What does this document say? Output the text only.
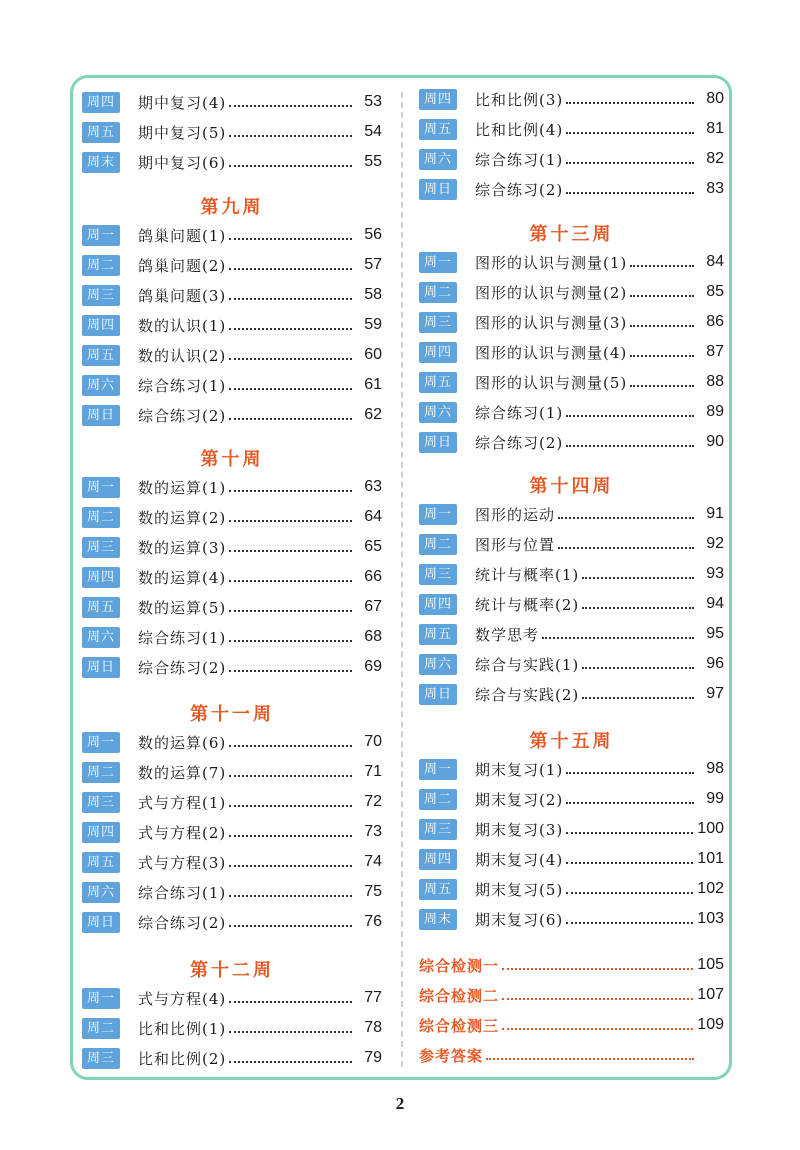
周四	期中复习(4)	53
周五	期中复习(5)	54
周末	期中复习(6)	55
第九周
周一	鸽巢问题(1)	56
周二	鸽巢问题(2)	57
周三	鸽巢问题(3)	58
周四	数的认识(1)	59
周五	数的认识(2)	60
周六	综合练习(1)	61
周日	综合练习(2)	62
第十周
周一	数的运算(1)	63
周二	数的运算(2)	64
周三	数的运算(3)	65
周四	数的运算(4)	66
周五	数的运算(5)	67
周六	综合练习(1)	68
周日	综合练习(2)	69
第十一周
周一	数的运算(6)	70
周二	数的运算(7)	71
周三	式与方程(1)	72
周四	式与方程(2)	73
周五	式与方程(3)	74
周六	综合练习(1)	75
周日	综合练习(2)	76
第十二周
周一	式与方程(4)	77
周二	比和比例(1)	78
周三	比和比例(2)	79
周四	比和比例(3)	80
周五	比和比例(4)	81
周六	综合练习(1)	82
周日	综合练习(2)	83
第十三周
周一	图形的认识与测量(1)	84
周二	图形的认识与测量(2)	85
周三	图形的认识与测量(3)	86
周四	图形的认识与测量(4)	87
周五	图形的认识与测量(5)	88
周六	综合练习(1)	89
周日	综合练习(2)	90
第十四周
周一	图形的运动	91
周二	图形与位置	92
周三	统计与概率(1)	93
周四	统计与概率(2)	94
周五	数学思考	95
周六	综合与实践(1)	96
周日	综合与实践(2)	97
第十五周
周一	期末复习(1)	98
周二	期末复习(2)	99
周三	期末复习(3)	100
周四	期末复习(4)	101
周五	期末复习(5)	102
周末	期末复习(6)	103
综合检测一	105
综合检测二	107
综合检测三	109
参考答案
2
